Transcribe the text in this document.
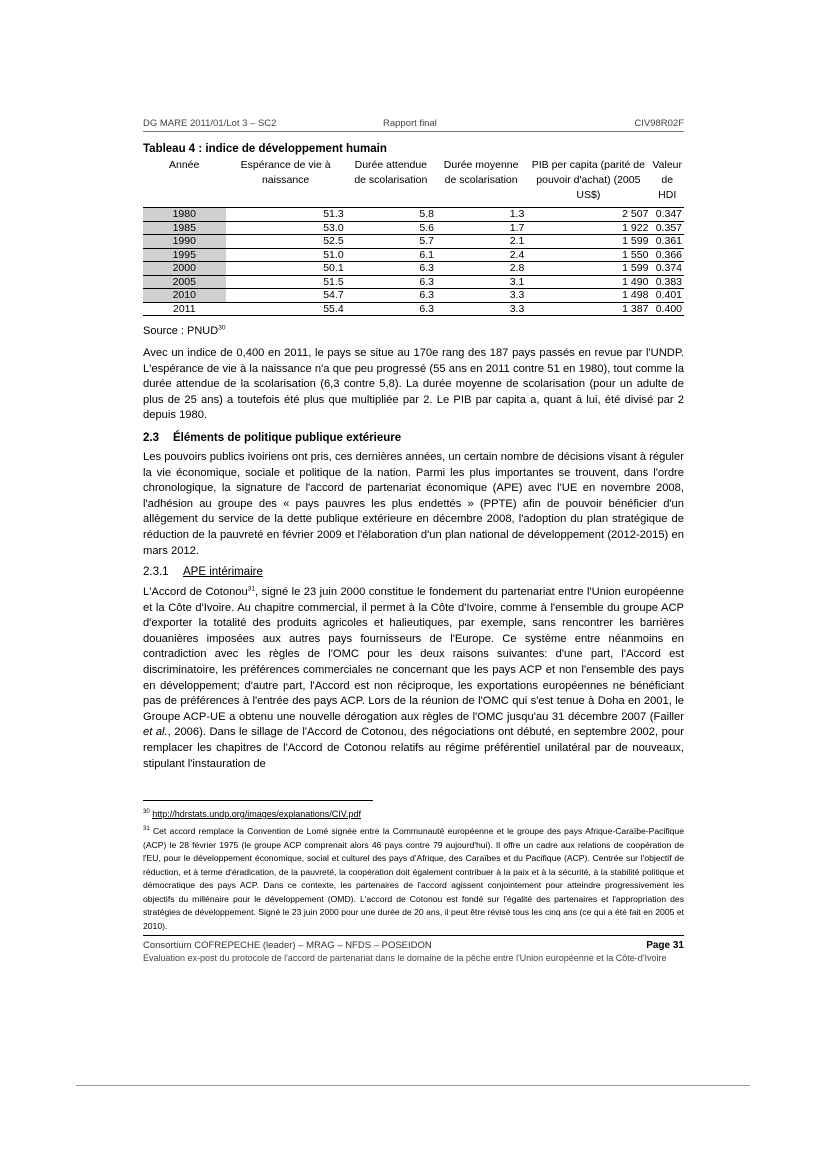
DG MARE 2011/01/Lot 3 – SC2	Rapport final	CIV98R02F
Tableau 4 : indice de développement humain
Année	Espérance de vie à naissance	Durée attendue de scolarisation	Durée moyenne de scolarisation	PIB per capita (parité de pouvoir d'achat) (2005 US$)	Valeur de HDI
1980	51.3	5.8	1.3	2 507	0.347
1985	53.0	5.6	1.7	1 922	0.357
1990	52.5	5.7	2.1	1 599	0.361
1995	51.0	6.1	2.4	1 550	0.366
2000	50.1	6.3	2.8	1 599	0.374
2005	51.5	6.3	3.1	1 490	0.383
2010	54.7	6.3	3.3	1 498	0.401
2011	55.4	6.3	3.3	1 387	0.400
Source : PNUD$^{30}$

Avec un indice de 0,400 en 2011, le pays se situe au 170e rang des 187 pays passés en revue par l'UNDP. L'espérance de vie à la naissance n'a que peu progressé (55 ans en 2011 contre 51 en 1980), tout comme la durée attendue de la scolarisation (6,3 contre 5,8). La durée moyenne de scolarisation (pour un adulte de plus de 25 ans) a toutefois été plus que multipliée par 2. Le PIB par capita a, quant à lui, été divisé par 2 depuis 1980.

2.3 Éléments de politique publique extérieure

Les pouvoirs publics ivoiriens ont pris, ces dernières années, un certain nombre de décisions visant à réguler la vie économique, sociale et politique de la nation. Parmi les plus importantes se trouvent, dans l'ordre chronologique, la signature de l'accord de partenariat économique (APE) avec l'UE en novembre 2008, l'adhésion au groupe des « pays pauvres les plus endettés » (PPTE) afin de pouvoir bénéficier d'un allègement du service de la dette publique extérieure en décembre 2008, l'adoption du plan stratégique de réduction de la pauvreté en février 2009 et l'élaboration d'un plan national de développement (2012-2015) en mars 2012.

2.3.1 APE intérimaire

L'Accord de Cotonou$^{31}$, signé le 23 juin 2000 constitue le fondement du partenariat entre l'Union européenne et la Côte d'Ivoire. Au chapitre commercial, il permet à la Côte d'Ivoire, comme à l'ensemble du groupe ACP d'exporter la totalité des produits agricoles et halieutiques, par exemple, sans rencontrer les barrières douanières imposées aux autres pays fournisseurs de l'Europe. Ce système entre néanmoins en contradiction avec les règles de l'OMC pour les deux raisons suivantes: d'une part, l'Accord est discriminatoire, les préférences commerciales ne concernant que les pays ACP et non l'ensemble des pays en développement; d'autre part, l'Accord est non réciproque, les exportations européennes ne bénéficiant pas de préférences à l'entrée des pays ACP. Lors de la réunion de l'OMC qui s'est tenue à Doha en 2001, le Groupe ACP-UE a obtenu une nouvelle dérogation aux règles de l'OMC jusqu'au 31 décembre 2007 (Failler et al., 2006). Dans le sillage de l'Accord de Cotonou, des négociations ont débuté, en septembre 2002, pour remplacer les chapitres de l'Accord de Cotonou relatifs au régime préférentiel unilatéral par de nouveaux, stipulant l'instauration de

$^{30}$ http://hdrstats.undp.org/images/explanations/CIV.pdf
$^{31}$ Cet accord remplace la Convention de Lomé signée entre la Communauté européenne et le groupe des pays Afrique-Caraïbe-Pacifique (ACP) le 28 février 1975 (le groupe ACP comprenait alors 46 pays contre 79 aujourd'hui). Il offre un cadre aux relations de coopération de l'EU, pour le développement économique, social et culturel des pays d'Afrique, des Caraïbes et du Pacifique (ACP). Centrée sur l'objectif de réduction, et à terme d'éradication, de la pauvreté, la coopération doit également contribuer à la paix et à la sécurité, à la stabilité politique et démocratique des pays ACP. Dans ce contexte, les partenaires de l'accord agissent conjointement pour atteindre progressivement les objectifs du millénaire pour le développement (OMD). L'accord de Cotonou est fondé sur l'égalité des partenaires et l'appropriation des stratégies de développement. Signé le 23 juin 2000 pour une durée de 20 ans, il peut être révisé tous les cinq ans (ce qui a été fait en 2005 et 2010).
Consortium COFREPECHE (leader) – MRAG – NFDS – POSEIDON	Page 31
Evaluation ex-post du protocole de l'accord de partenariat dans le domaine de la pêche entre l'Union européenne et la Côte-d'Ivoire
